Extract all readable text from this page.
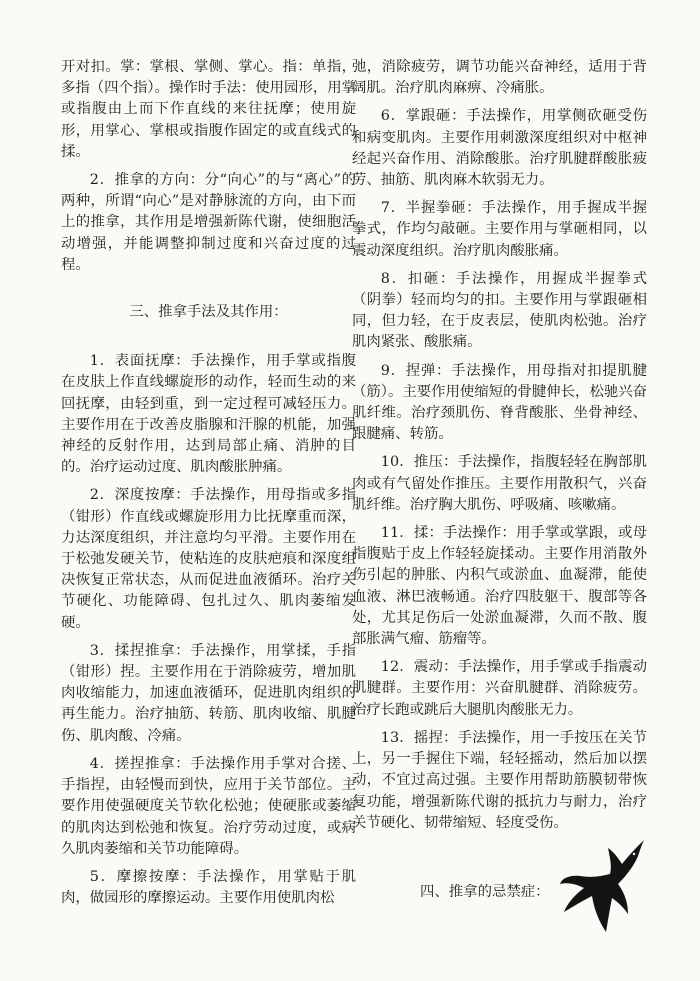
开对扣。掌：掌根、掌侧、掌心。指：单指，多指（四个指）。操作时手法：使用园形，用掌或指腹由上而下作直线的来往抚摩；使用旋形，用掌心、掌根或指腹作固定的或直线式的揉。

2．推拿的方向：分“向心”的与“离心”的两种，所谓“向心”是对静脉流的方向，由下而上的推拿，其作用是增强新陈代谢，使细胞活动增强，并能调整抑制过度和兴奋过度的过程。

三、推拿手法及其作用：

1．表面抚摩：手法操作，用手掌或指腹在皮肤上作直线螺旋形的动作，轻而生动的来回抚摩，由轻到重，到一定过程可减轻压力。主要作用在于改善皮脂腺和汗腺的机能，加强神经的反射作用，达到局部止痛、消肿的目的。治疗运动过度、肌肉酸胀肿痛。

2．深度按摩：手法操作，用母指或多指（钳形）作直线或螺旋形用力比抚摩重而深，力达深度组织，并注意均匀平滑。主要作用在于松弛发硬关节，使粘连的皮肤疤痕和深度组决恢复正常状态，从而促进血液循环。治疗关节硬化、功能障碍、包扎过久、肌肉萎缩发硬。

3．揉捏推拿：手法操作，用掌揉，手指（钳形）捏。主要作用在于消除疲劳，增加肌肉收缩能力，加速血液循环，促进肌肉组织的再生能力。治疗抽筋、转筋、肌肉收缩、肌腱伤、肌肉酸、冷痛。

4．搓捏推拿：手法操作用手掌对合搓、手指捏，由轻慢而到快，应用于关节部位。主要作用使强硬度关节软化松弛；使硬胀或萎缩的肌肉达到松弛和恢复。治疗劳动过度，或病久肌肉萎缩和关节功能障碍。

5．摩擦按摩：手法操作，用掌贴于肌肉，做园形的摩擦运动。主要作用使肌肉松

弛，消除疲劳，调节功能兴奋神经，适用于背阔肌。治疗肌肉麻痹、冷痛胀。

6．掌跟砸：手法操作，用掌侧砍砸受伤和病变肌肉。主要作用刺激深度组织对中枢神经起兴奋作用、消除酸胀。治疗肌腱群酸胀疲劳、抽筋、肌肉麻木软弱无力。

7．半握拳砸：手法操作，用手握成半握拳式，作均匀敲砸。主要作用与掌砸相同，以震动深度组织。治疗肌肉酸胀痛。

8．扣砸：手法操作，用握成半握拳式（阴拳）轻而均匀的扣。主要作用与掌跟砸相同，但力轻，在于皮表层，使肌肉松弛。治疗肌肉紧张、酸胀痛。

9．捏弹：手法操作，用母指对扣提肌腱（筋）。主要作用使缩短的骨腱伸长，松驰兴奋肌纤维。治疗颈肌伤、脊背酸胀、坐骨神经、跟腱痛、转筋。

10．推压：手法操作，指腹轻轻在胸部肌肉或有气留处作推压。主要作用散积气，兴奋肌纤维。治疗胸大肌伤、呼吸痛、咳嗽痛。

11．揉：手法操作：用手掌或掌跟，或母指腹贴于皮上作轻轻旋揉动。主要作用消散外伤引起的肿胀、内积气或淤血、血凝滞，能使血液、淋巴液畅通。治疗四肢躯干、腹部等各处，尤其足伤后一处淤血凝滞，久而不散、腹部胀满气瘤、筋瘤等。

12．震动：手法操作，用手掌或手指震动肌腱群。主要作用：兴奋肌腱群、消除疲劳。治疗长跑或跳后大腿肌肉酸胀无力。

13．摇捏：手法操作，用一手按压在关节上，另一手握住下端，轻轻摇动，然后加以摆动，不宜过高过强。主要作用帮助筋膜韧带恢复功能，增强新陈代谢的抵抗力与耐力，治疗关节硬化、韧带缩短、轻度受伤。

四、推拿的忌禁症：
